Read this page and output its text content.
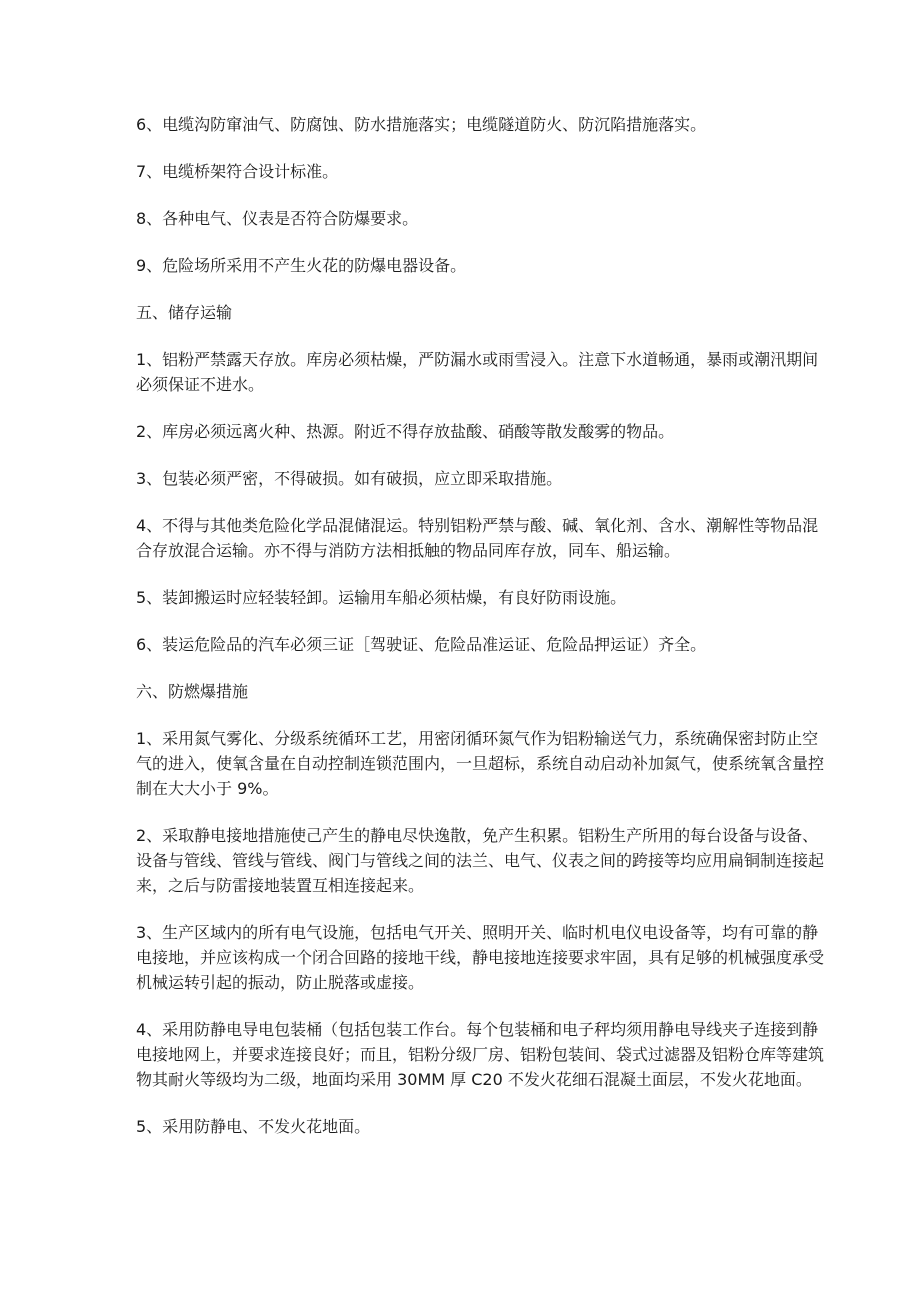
6、电缆沟防窜油气、防腐蚀、防水措施落实；电缆隧道防火、防沉陷措施落实。

7、电缆桥架符合设计标准。

8、各种电气、仪表是否符合防爆要求。

9、危险场所采用不产生火花的防爆电器设备。

五、储存运输

1、铝粉严禁露天存放。库房必须枯燥，严防漏水或雨雪浸入。注意下水道畅通，暴雨或潮汛期间必须保证不进水。

2、库房必须远离火种、热源。附近不得存放盐酸、硝酸等散发酸雾的物品。

3、包装必须严密，不得破损。如有破损，应立即采取措施。

4、不得与其他类危险化学品混储混运。特别铝粉严禁与酸、碱、氧化剂、含水、潮解性等物品混合存放混合运输。亦不得与消防方法相抵触的物品同库存放，同车、船运输。

5、装卸搬运时应轻装轻卸。运输用车船必须枯燥，有良好防雨设施。

6、装运危险品的汽车必须三证［驾驶证、危险品准运证、危险品押运证）齐全。

六、防燃爆措施

1、采用氮气雾化、分级系统循环工艺，用密闭循环氮气作为铝粉输送气力，系统确保密封防止空气的进入，使氧含量在自动控制连锁范围内，一旦超标，系统自动启动补加氮气，使系统氧含量控制在大大小于 9%。

2、采取静电接地措施使己产生的静电尽快逸散，免产生积累。铝粉生产所用的每台设备与设备、设备与管线、管线与管线、阀门与管线之间的法兰、电气、仪表之间的跨接等均应用扁铜制连接起来，之后与防雷接地装置互相连接起来。

3、生产区域内的所有电气设施，包括电气开关、照明开关、临时机电仪电设备等，均有可靠的静电接地，并应该构成一个闭合回路的接地干线，静电接地连接要求牢固，具有足够的机械强度承受机械运转引起的振动，防止脱落或虚接。

4、采用防静电导电包装桶（包括包装工作台。每个包装桶和电子秤均须用静电导线夹子连接到静电接地网上，并要求连接良好；而且，铝粉分级厂房、铝粉包装间、袋式过滤器及铝粉仓库等建筑物其耐火等级均为二级，地面均采用 30MM 厚 C20 不发火花细石混凝土面层，不发火花地面。

5、采用防静电、不发火花地面。
